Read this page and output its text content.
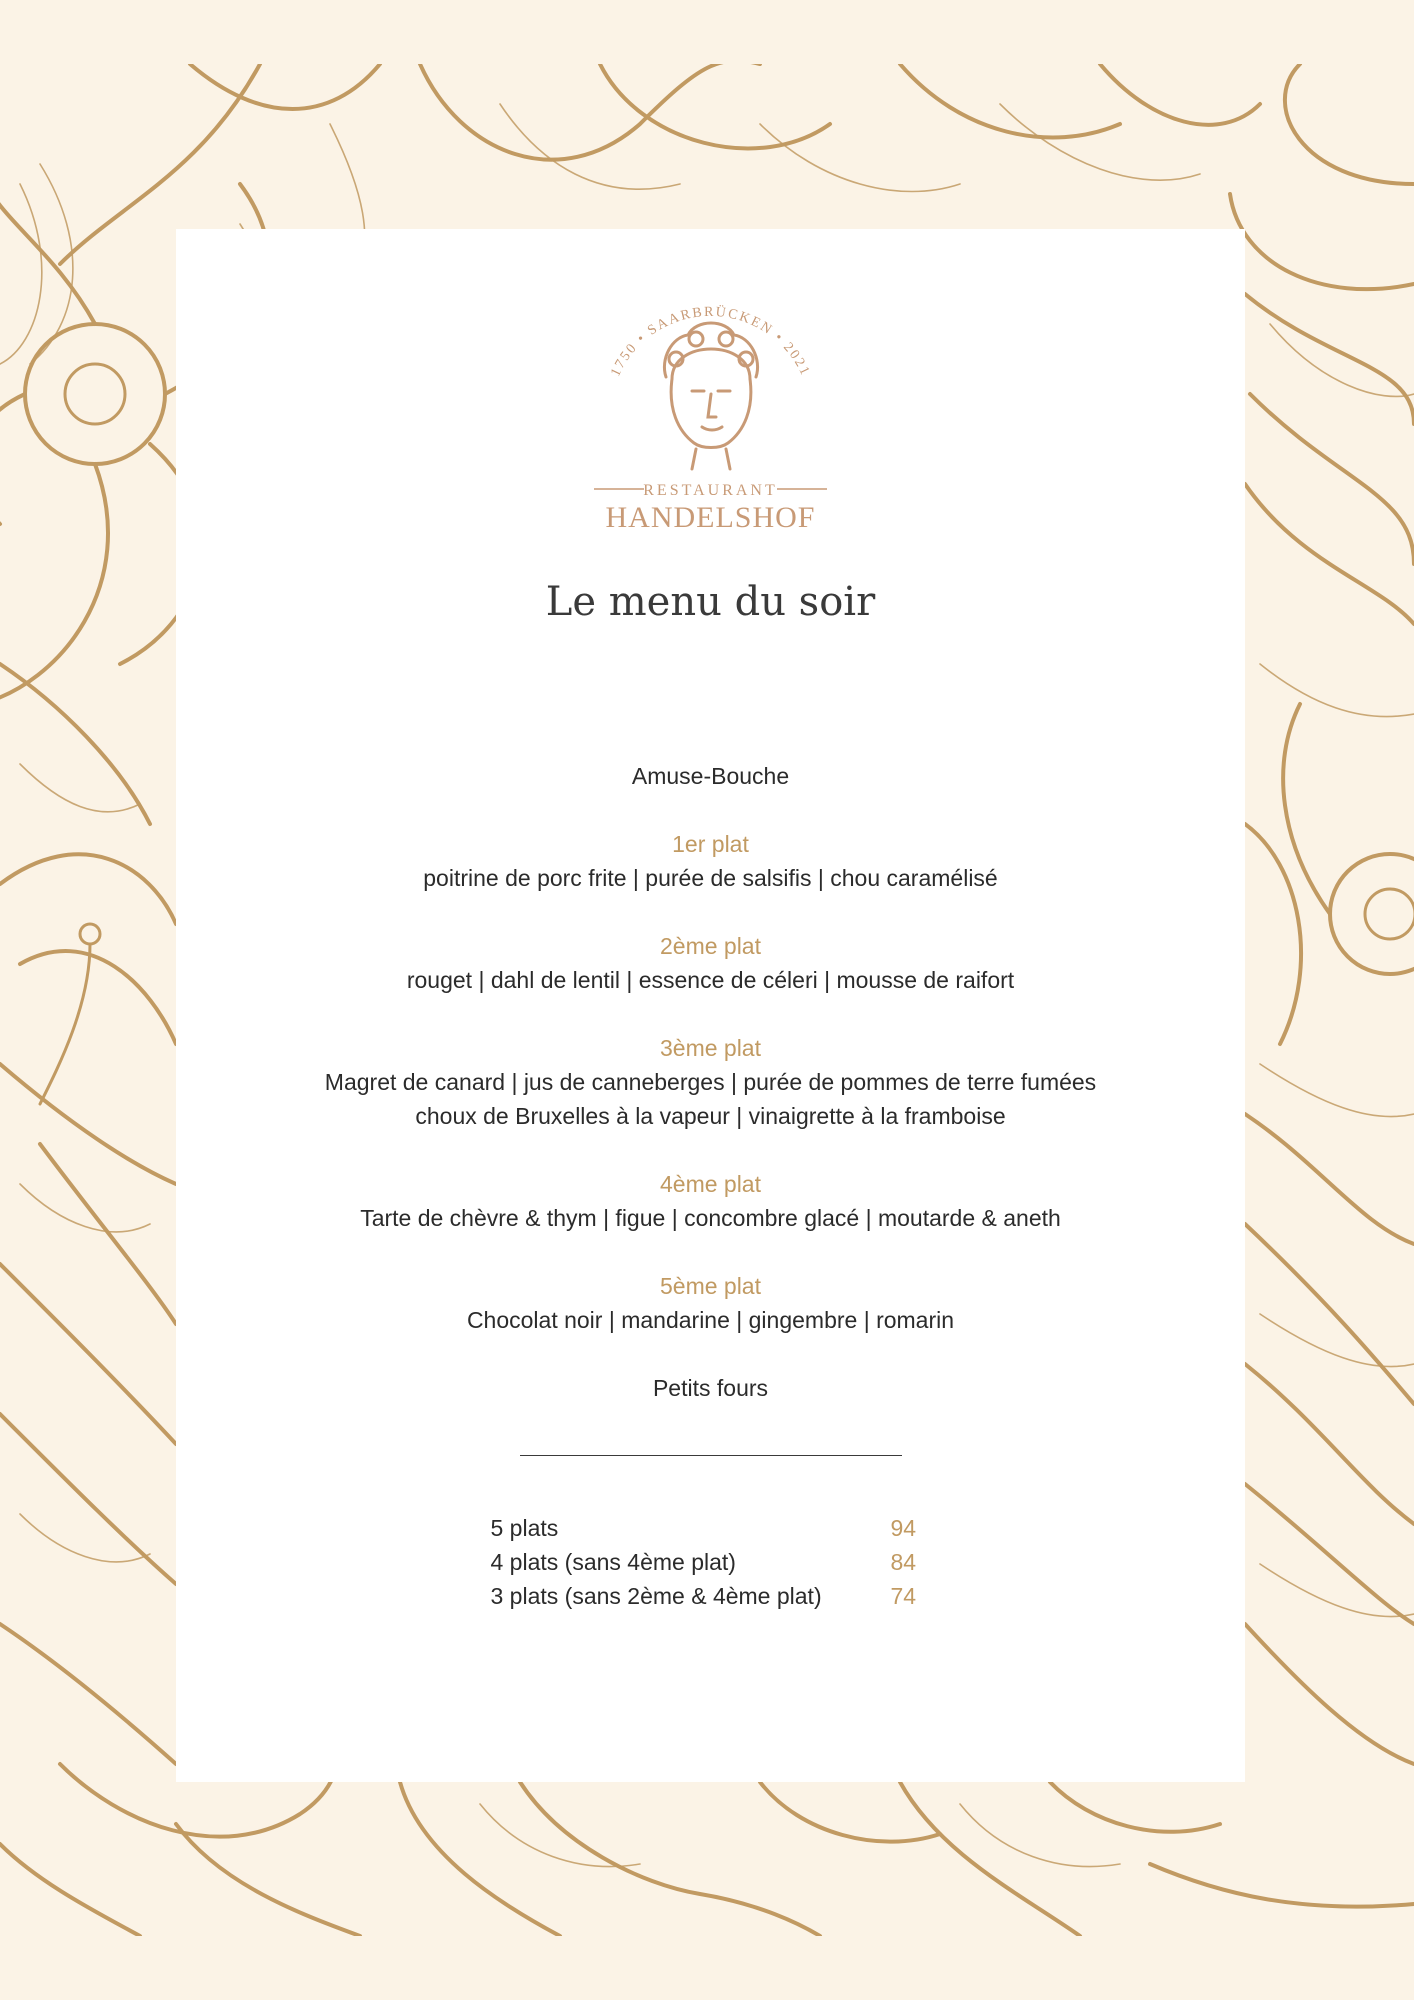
1750 • SAARBRÜCKEN • 2021
RESTAURANT
HANDELSHOF
Le menu du soir

Amuse-Bouche

1er plat

poitrine de porc frite | purée de salsifis | chou caramélisé

2ème plat

rouget | dahl de lentil | essence de céleri | mousse de raifort

3ème plat

Magret de canard | jus de canneberges | purée de pommes de terre fumées

choux de Bruxelles à la vapeur | vinaigrette à la framboise

4ème plat

Tarte de chèvre & thym | figue | concombre glacé | moutarde & aneth

5ème plat

Chocolat noir | mandarine | gingembre | romarin

Petits fours

5 plats	94
4 plats (sans 4ème plat)	84
3 plats (sans 2ème & 4ème plat)	74
